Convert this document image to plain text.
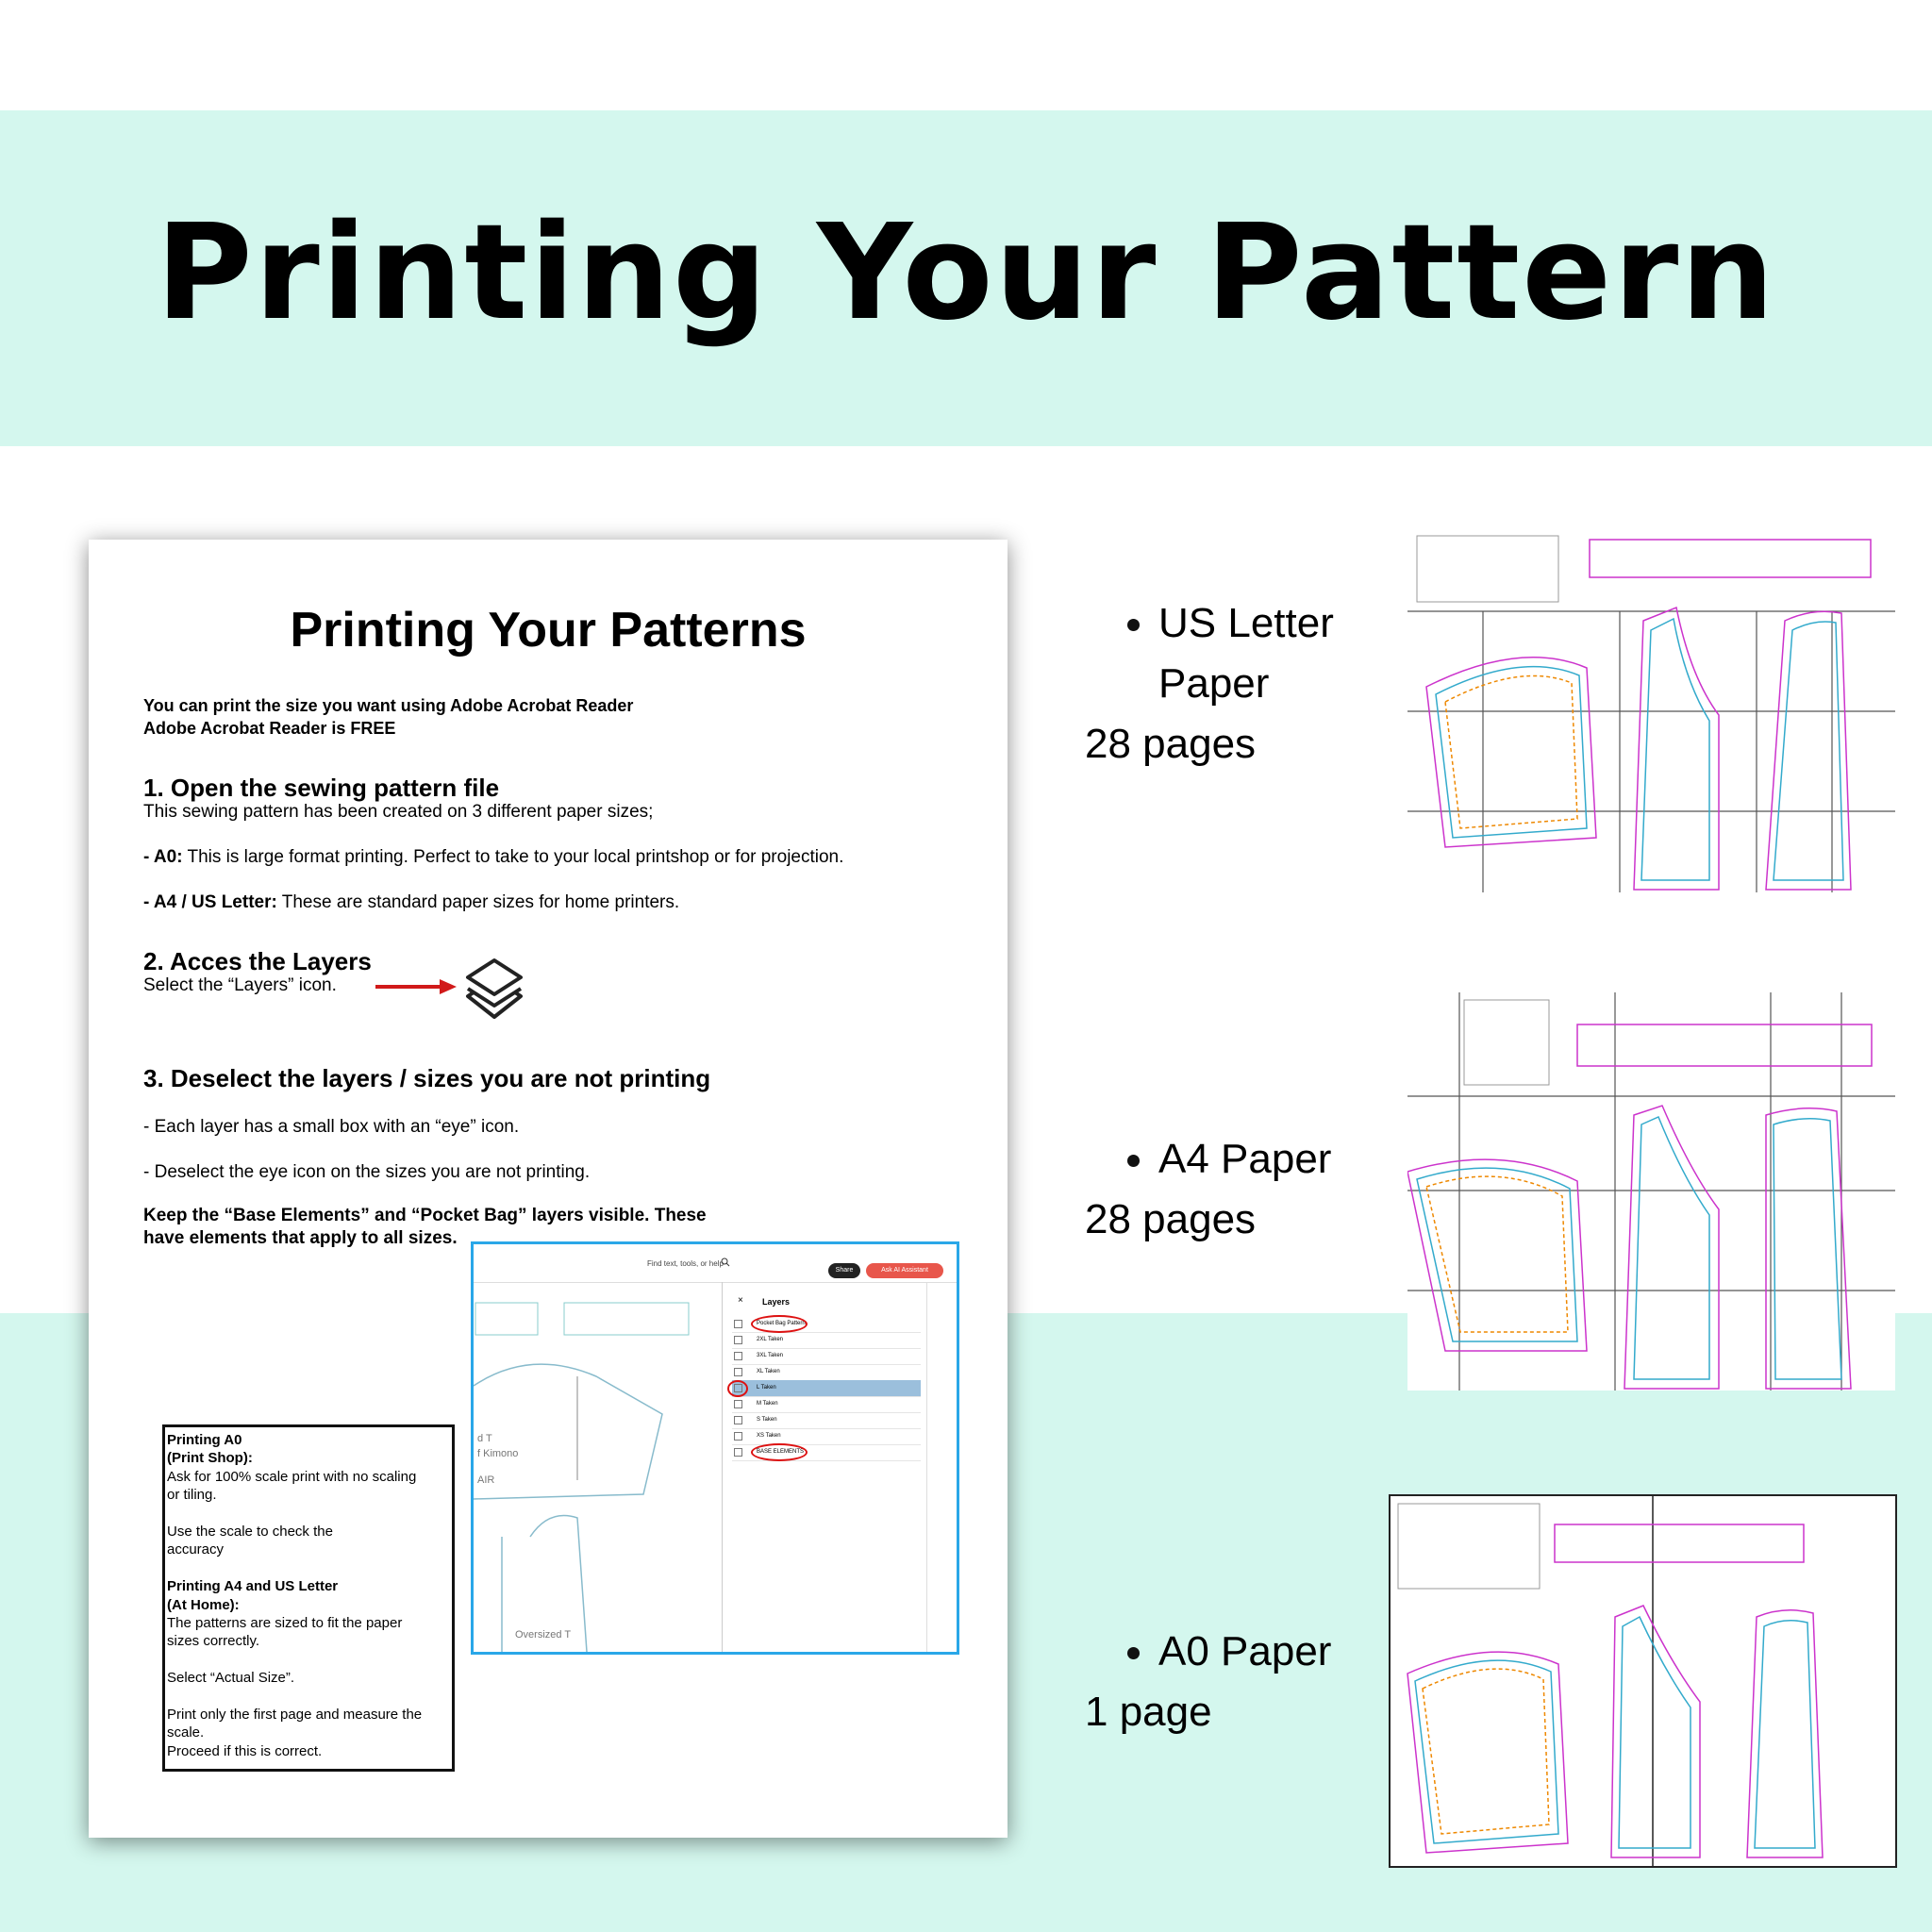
Printing Your Pattern
Printing Your Patterns
You can print the size you want using Adobe Acrobat Reader
Adobe Acrobat Reader is FREE
1. Open the sewing pattern file
This sewing pattern has been created on 3 different paper sizes;
- A0: This is large format printing. Perfect to take to your local printshop or for projection.
- A4 / US Letter: These are standard paper sizes for home printers.
2. Acces the Layers
Select the “Layers” icon.
3. Deselect the layers / sizes you are not printing
- Each layer has a small box with an “eye” icon.
- Deselect the eye icon on the sizes you are not printing.
Keep the “Base Elements” and “Pocket Bag” layers visible. These
have elements that apply to all sizes.
Find text, tools, or help
Share	Ask AI Assistant
d T
f Kimono
AIR
Oversized T
× Layers
Pocket Bag Pattern
2XL Taken
3XL Taken
XL Taken
L Taken
M Taken
S Taken
XS Taken
BASE ELEMENTS
Printing A0
(Print Shop):
Ask for 100% scale print with no scaling
or tiling.
Use the scale to check the
accuracy
Printing A4 and US Letter
(At Home):
The patterns are sized to fit the paper
sizes correctly.
Select “Actual Size”.
Print only the first page and measure the
scale.
Proceed if this is correct.
US Letter
Paper
28 pages
A4 Paper
28 pages
A0 Paper
1 page
